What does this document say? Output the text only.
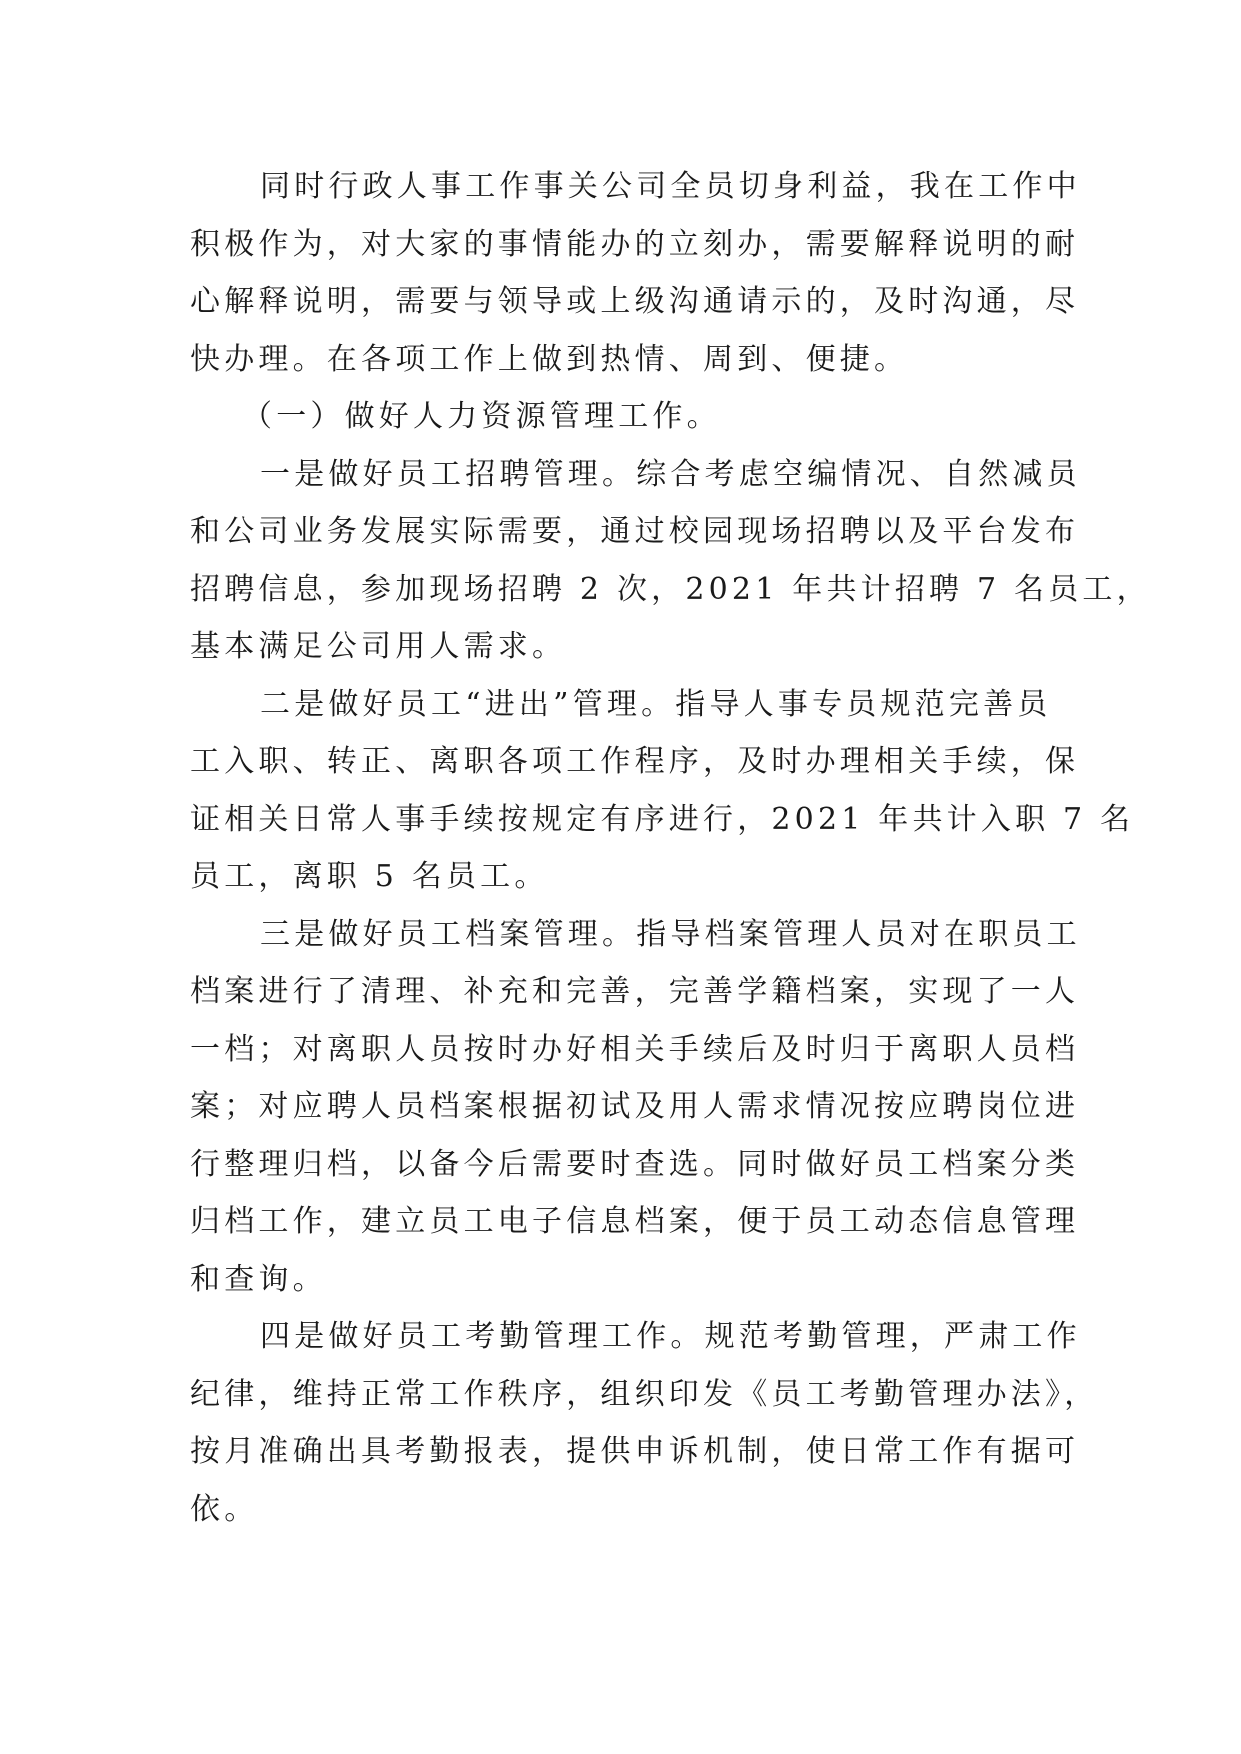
同时行政人事工作事关公司全员切身利益，我在工作中
积极作为，对大家的事情能办的立刻办，需要解释说明的耐
心解释说明，需要与领导或上级沟通请示的，及时沟通，尽
快办理。在各项工作上做到热情、周到、便捷。
（一）做好人力资源管理工作。
一是做好员工招聘管理。综合考虑空编情况、自然减员
和公司业务发展实际需要，通过校园现场招聘以及平台发布
招聘信息，参加现场招聘 2 次，2021 年共计招聘 7 名员工，
基本满足公司用人需求。
二是做好员工“进出”管理。指导人事专员规范完善员
工入职、转正、离职各项工作程序，及时办理相关手续，保
证相关日常人事手续按规定有序进行，2021 年共计入职 7 名
员工，离职 5 名员工。
三是做好员工档案管理。指导档案管理人员对在职员工
档案进行了清理、补充和完善，完善学籍档案，实现了一人
一档；对离职人员按时办好相关手续后及时归于离职人员档
案；对应聘人员档案根据初试及用人需求情况按应聘岗位进
行整理归档，以备今后需要时查选。同时做好员工档案分类
归档工作，建立员工电子信息档案，便于员工动态信息管理
和查询。
四是做好员工考勤管理工作。规范考勤管理，严肃工作
纪律，维持正常工作秩序，组织印发《员工考勤管理办法》，
按月准确出具考勤报表，提供申诉机制，使日常工作有据可
依。
